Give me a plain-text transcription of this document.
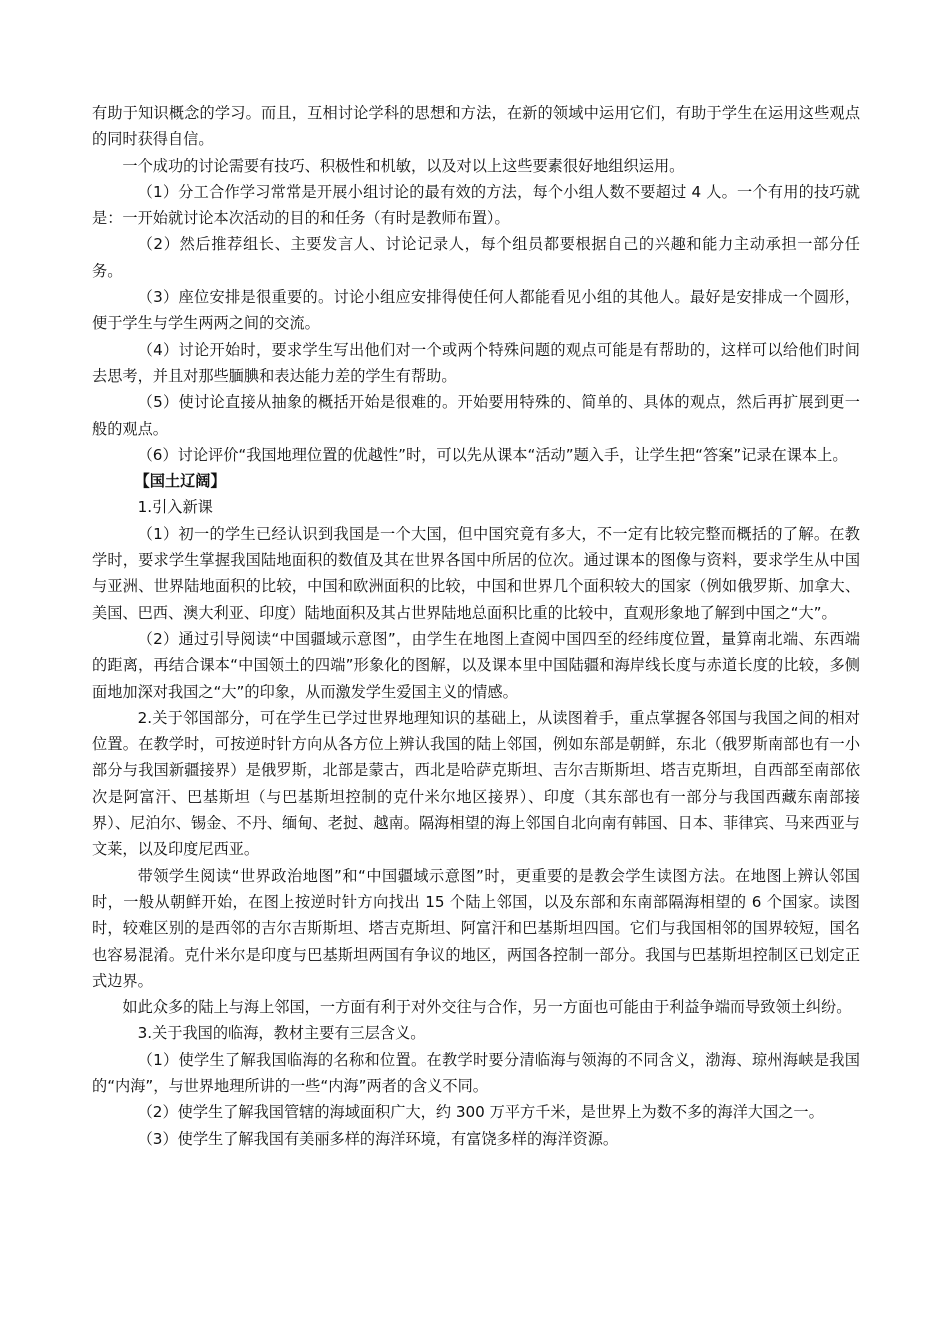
有助于知识概念的学习。而且，互相讨论学科的思想和方法，在新的领域中运用它们，有助于学生在运用这些观点的同时获得自信。

一个成功的讨论需要有技巧、积极性和机敏，以及对以上这些要素很好地组织运用。

（1）分工合作学习常常是开展小组讨论的最有效的方法，每个小组人数不要超过 4 人。一个有用的技巧就是：一开始就讨论本次活动的目的和任务（有时是教师布置）。

（2）然后推荐组长、主要发言人、讨论记录人，每个组员都要根据自己的兴趣和能力主动承担一部分任务。

（3）座位安排是很重要的。讨论小组应安排得使任何人都能看见小组的其他人。最好是安排成一个圆形，便于学生与学生两两之间的交流。

（4）讨论开始时，要求学生写出他们对一个或两个特殊问题的观点可能是有帮助的，这样可以给他们时间去思考，并且对那些腼腆和表达能力差的学生有帮助。

（5）使讨论直接从抽象的概括开始是很难的。开始要用特殊的、简单的、具体的观点，然后再扩展到更一般的观点。

（6）讨论评价“我国地理位置的优越性”时，可以先从课本“活动”题入手，让学生把“答案”记录在课本上。

【国土辽阔】

1.引入新课

（1）初一的学生已经认识到我国是一个大国，但中国究竟有多大，不一定有比较完整而概括的了解。在教学时，要求学生掌握我国陆地面积的数值及其在世界各国中所居的位次。通过课本的图像与资料，要求学生从中国与亚洲、世界陆地面积的比较，中国和欧洲面积的比较，中国和世界几个面积较大的国家（例如俄罗斯、加拿大、美国、巴西、澳大利亚、印度）陆地面积及其占世界陆地总面积比重的比较中，直观形象地了解到中国之“大”。

（2）通过引导阅读“中国疆域示意图”，由学生在地图上查阅中国四至的经纬度位置，量算南北端、东西端的距离，再结合课本“中国领土的四端”形象化的图解，以及课本里中国陆疆和海岸线长度与赤道长度的比较，多侧面地加深对我国之“大”的印象，从而激发学生爱国主义的情感。

2.关于邻国部分，可在学生已学过世界地理知识的基础上，从读图着手，重点掌握各邻国与我国之间的相对位置。在教学时，可按逆时针方向从各方位上辨认我国的陆上邻国，例如东部是朝鲜，东北（俄罗斯南部也有一小部分与我国新疆接界）是俄罗斯，北部是蒙古，西北是哈萨克斯坦、吉尔吉斯斯坦、塔吉克斯坦，自西部至南部依次是阿富汗、巴基斯坦（与巴基斯坦控制的克什米尔地区接界）、印度（其东部也有一部分与我国西藏东南部接界）、尼泊尔、锡金、不丹、缅甸、老挝、越南。隔海相望的海上邻国自北向南有韩国、日本、菲律宾、马来西亚与文莱，以及印度尼西亚。

带领学生阅读“世界政治地图”和“中国疆域示意图”时，更重要的是教会学生读图方法。在地图上辨认邻国时，一般从朝鲜开始，在图上按逆时针方向找出 15 个陆上邻国，以及东部和东南部隔海相望的 6 个国家。读图时，较难区别的是西邻的吉尔吉斯斯坦、塔吉克斯坦、阿富汗和巴基斯坦四国。它们与我国相邻的国界较短，国名也容易混淆。克什米尔是印度与巴基斯坦两国有争议的地区，两国各控制一部分。我国与巴基斯坦控制区已划定正式边界。

如此众多的陆上与海上邻国，一方面有利于对外交往与合作，另一方面也可能由于利益争端而导致领土纠纷。

3.关于我国的临海，教材主要有三层含义。

（1）使学生了解我国临海的名称和位置。在教学时要分清临海与领海的不同含义，渤海、琼州海峡是我国的“内海”，与世界地理所讲的一些“内海”两者的含义不同。

（2）使学生了解我国管辖的海域面积广大，约 300 万平方千米，是世界上为数不多的海洋大国之一。

（3）使学生了解我国有美丽多样的海洋环境，有富饶多样的海洋资源。
